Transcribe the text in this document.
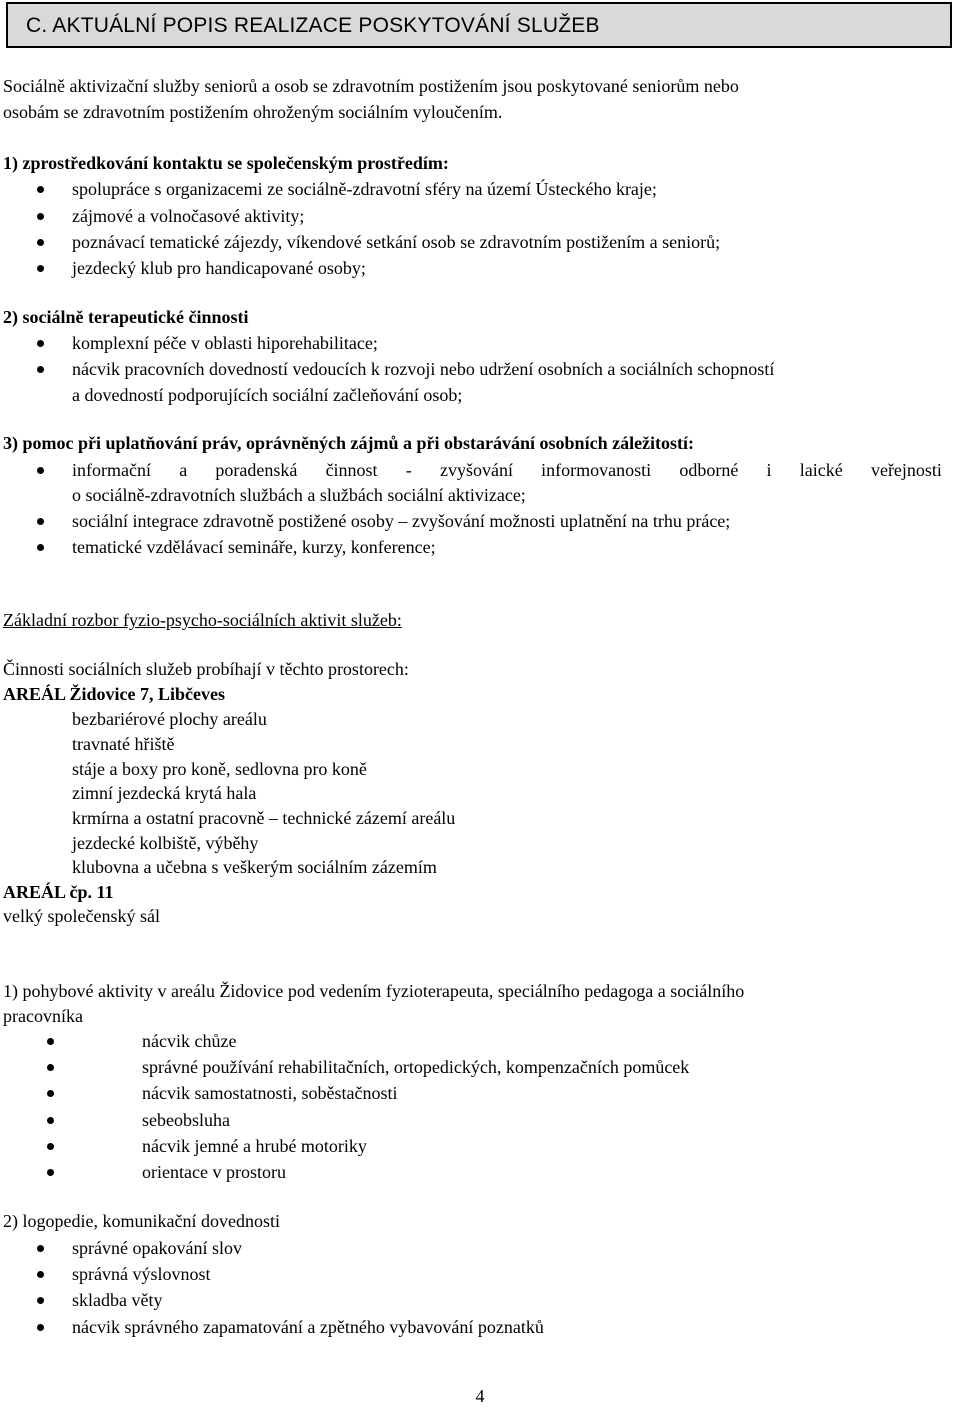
C. AKTUÁLNÍ POPIS REALIZACE POSKYTOVÁNÍ SLUŽEB
Sociálně aktivizační služby seniorů a osob se zdravotním postižením jsou poskytované seniorům nebo
osobám se zdravotním postižením ohroženým sociálním vyloučením.
1) zprostředkování kontaktu se společenským prostředím:
spolupráce s organizacemi ze sociálně-zdravotní sféry na území Ústeckého kraje;
zájmové a volnočasové aktivity;
poznávací tematické zájezdy, víkendové setkání osob se zdravotním postižením a seniorů;
jezdecký klub pro handicapované osoby;
2) sociálně terapeutické činnosti
komplexní péče v oblasti hiporehabilitace;
nácvik pracovních dovedností vedoucích k rozvoji nebo udržení osobních a sociálních schopností
a dovedností podporujících sociální začleňování osob;
3) pomoc při uplatňování práv, oprávněných zájmů a při obstarávání osobních záležitostí:
informační a poradenská činnost - zvyšování informovanosti odborné i laické veřejnosti
o sociálně-zdravotních službách a službách sociální aktivizace;
sociální integrace zdravotně postižené osoby – zvyšování možnosti uplatnění na trhu práce;
tematické vzdělávací semináře, kurzy, konference;
Základní rozbor fyzio-psycho-sociálních aktivit služeb:
Činnosti sociálních služeb probíhají v těchto prostorech:
AREÁL Židovice 7, Libčeves
bezbariérové plochy areálu
travnaté hřiště
stáje a boxy pro koně, sedlovna pro koně
zimní jezdecká krytá hala
krmírna a ostatní pracovně – technické zázemí areálu
jezdecké kolbiště, výběhy
klubovna a učebna s veškerým sociálním zázemím
AREÁL čp. 11
velký společenský sál
1) pohybové aktivity v areálu Židovice pod vedením fyzioterapeuta, speciálního pedagoga a sociálního
pracovníka
nácvik chůze
správné používání rehabilitačních, ortopedických, kompenzačních pomůcek
nácvik samostatnosti, soběstačnosti
sebeobsluha
nácvik jemné a hrubé motoriky
orientace v prostoru
2) logopedie, komunikační dovednosti
správné opakování slov
správná výslovnost
skladba věty
nácvik správného zapamatování a zpětného vybavování poznatků
4
